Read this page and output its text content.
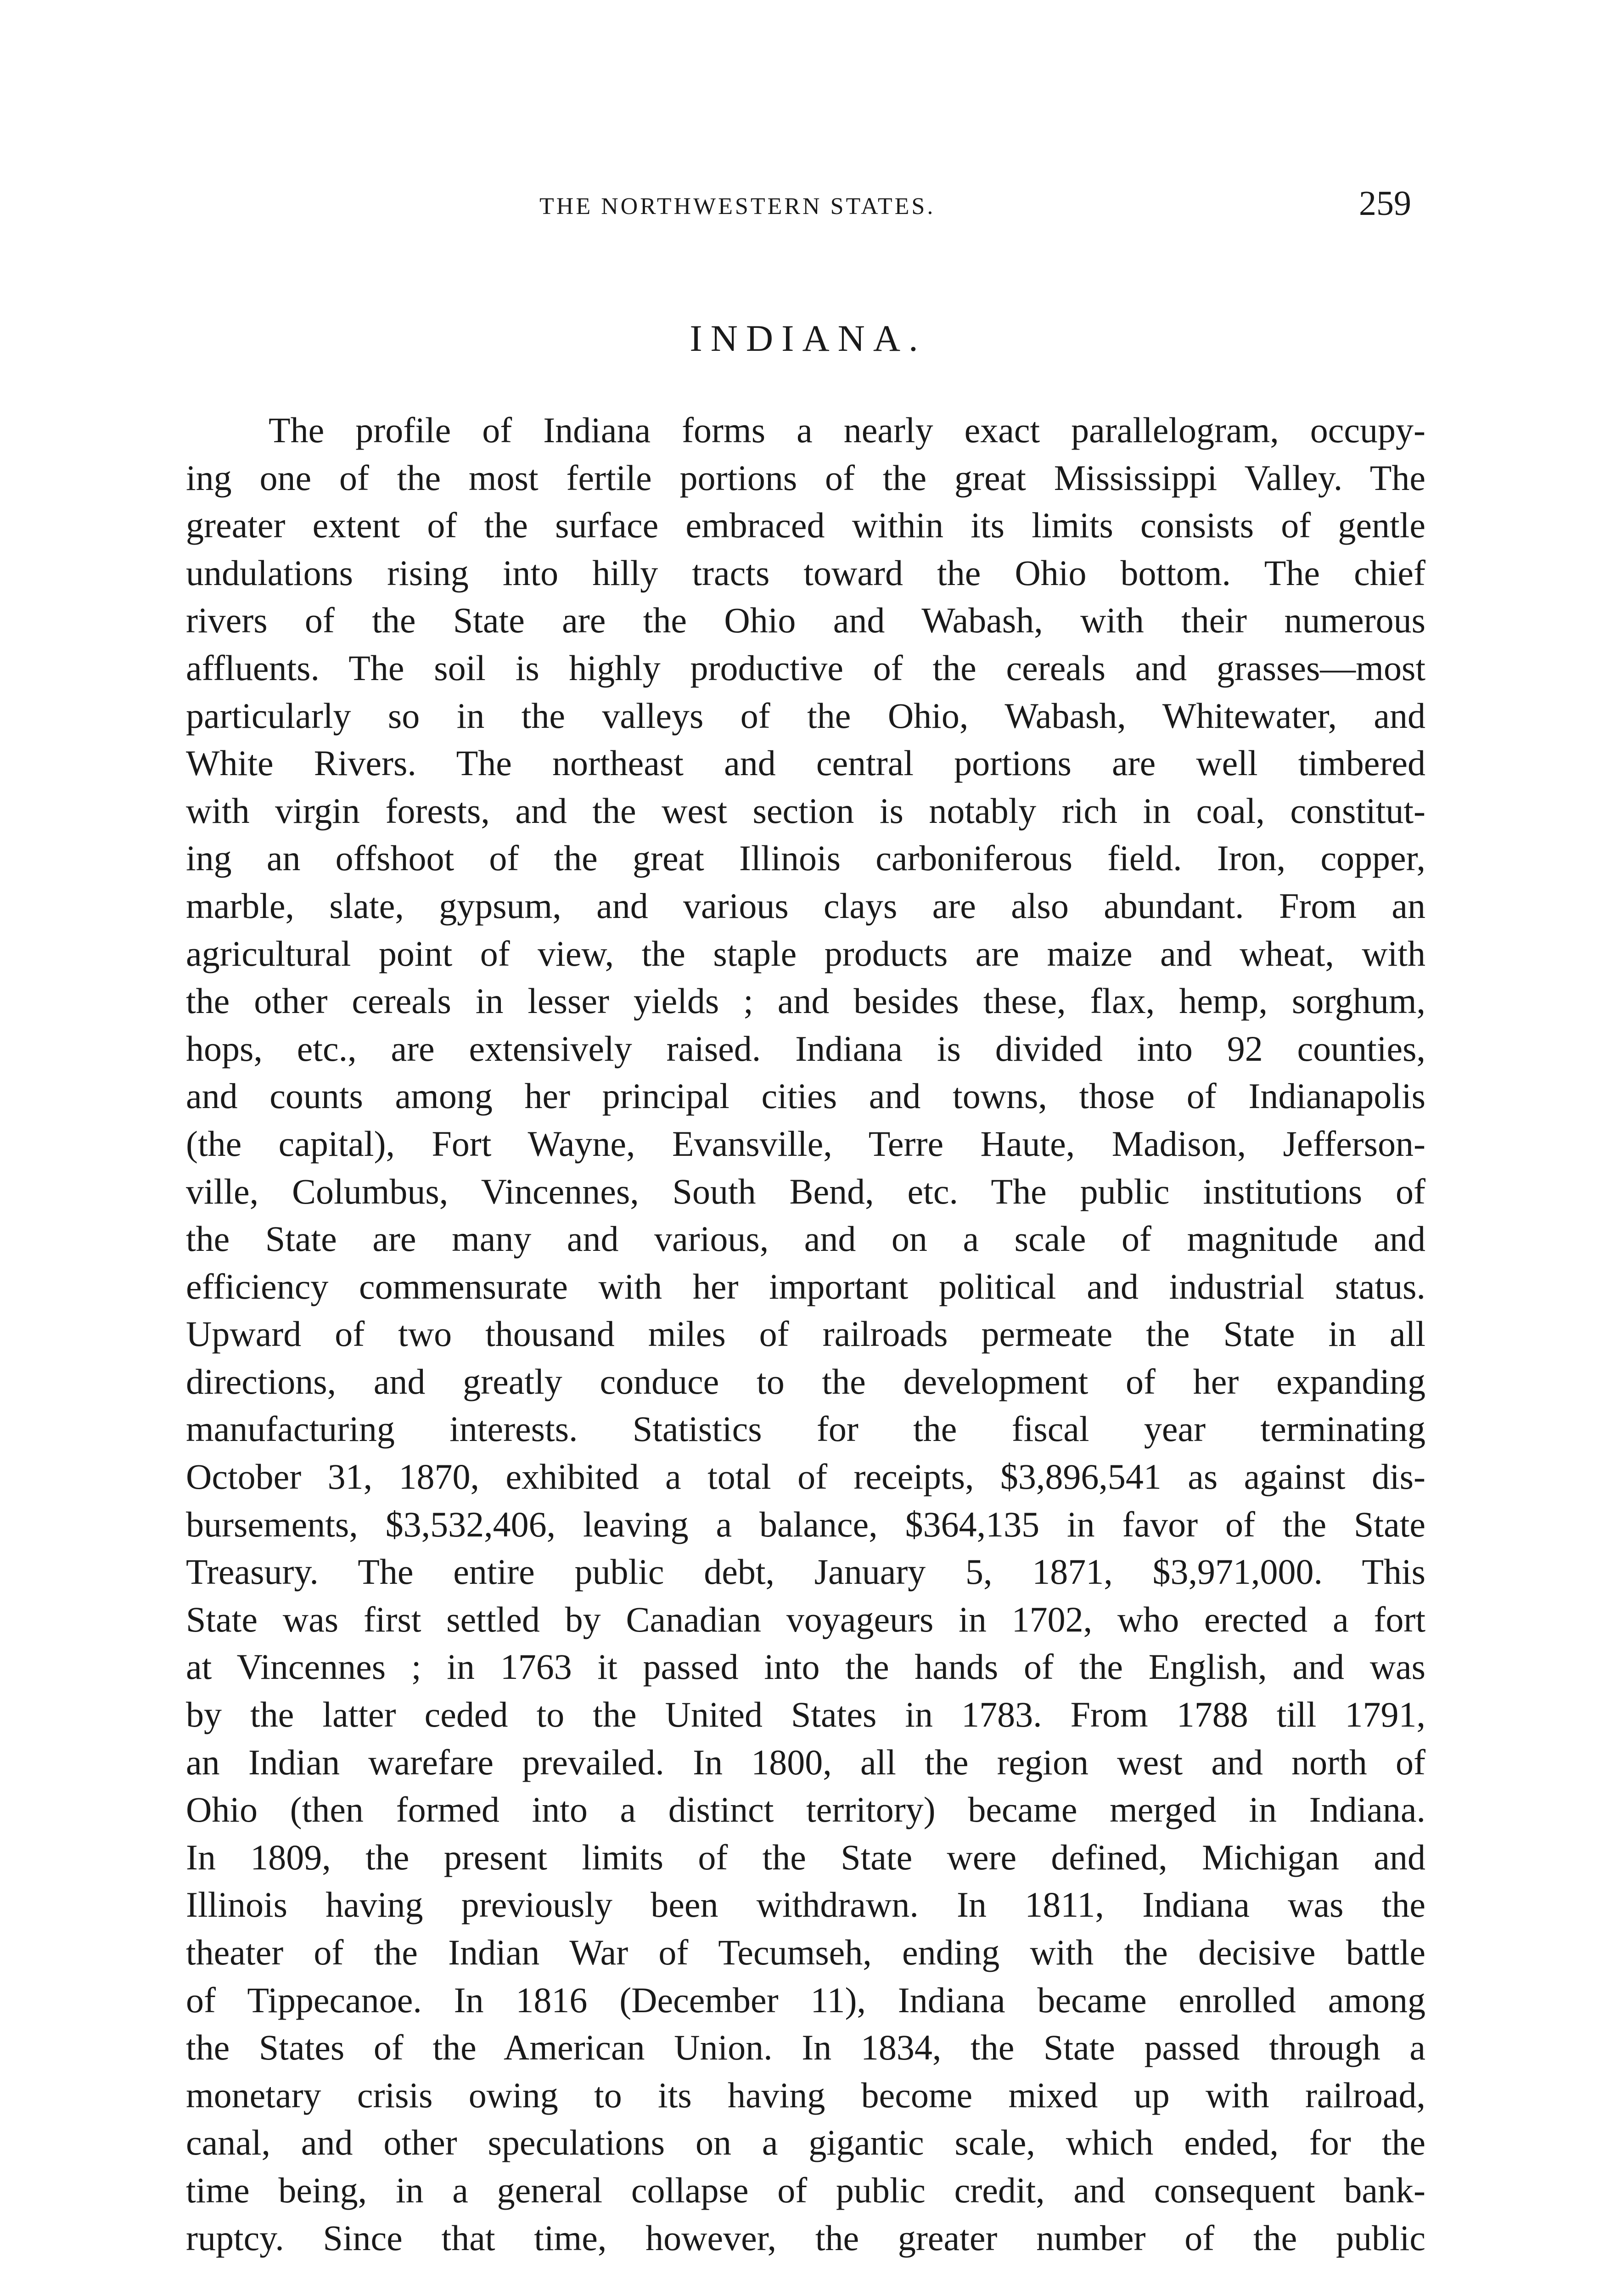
THE NORTHWESTERN STATES.	259
INDIANA.
The profile of Indiana forms a nearly exact parallelogram, occupy-
ing one of the most fertile portions of the great Mississippi Valley. The
greater extent of the surface embraced within its limits consists of gentle
undulations rising into hilly tracts toward the Ohio bottom. The chief
rivers of the State are the Ohio and Wabash, with their numerous
affluents. The soil is highly productive of the cereals and grasses—most
particularly so in the valleys of the Ohio, Wabash, Whitewater, and
White Rivers. The northeast and central portions are well timbered
with virgin forests, and the west section is notably rich in coal, constitut-
ing an offshoot of the great Illinois carboniferous field. Iron, copper,
marble, slate, gypsum, and various clays are also abundant. From an
agricultural point of view, the staple products are maize and wheat, with
the other cereals in lesser yields ; and besides these, flax, hemp, sorghum,
hops, etc., are extensively raised. Indiana is divided into 92 counties,
and counts among her principal cities and towns, those of Indianapolis
(the capital), Fort Wayne, Evansville, Terre Haute, Madison, Jefferson-
ville, Columbus, Vincennes, South Bend, etc. The public institutions of
the State are many and various, and on a scale of magnitude and
efficiency commensurate with her important political and industrial status.
Upward of two thousand miles of railroads permeate the State in all
directions, and greatly conduce to the development of her expanding
manufacturing interests. Statistics for the fiscal year terminating
October 31, 1870, exhibited a total of receipts, $3,896,541 as against dis-
bursements, $3,532,406, leaving a balance, $364,135 in favor of the State
Treasury. The entire public debt, January 5, 1871, $3,971,000. This
State was first settled by Canadian voyageurs in 1702, who erected a fort
at Vincennes ; in 1763 it passed into the hands of the English, and was
by the latter ceded to the United States in 1783. From 1788 till 1791,
an Indian warefare prevailed. In 1800, all the region west and north of
Ohio (then formed into a distinct territory) became merged in Indiana.
In 1809, the present limits of the State were defined, Michigan and
Illinois having previously been withdrawn. In 1811, Indiana was the
theater of the Indian War of Tecumseh, ending with the decisive battle
of Tippecanoe. In 1816 (December 11), Indiana became enrolled among
the States of the American Union. In 1834, the State passed through a
monetary crisis owing to its having become mixed up with railroad,
canal, and other speculations on a gigantic scale, which ended, for the
time being, in a general collapse of public credit, and consequent bank-
ruptcy. Since that time, however, the greater number of the public
